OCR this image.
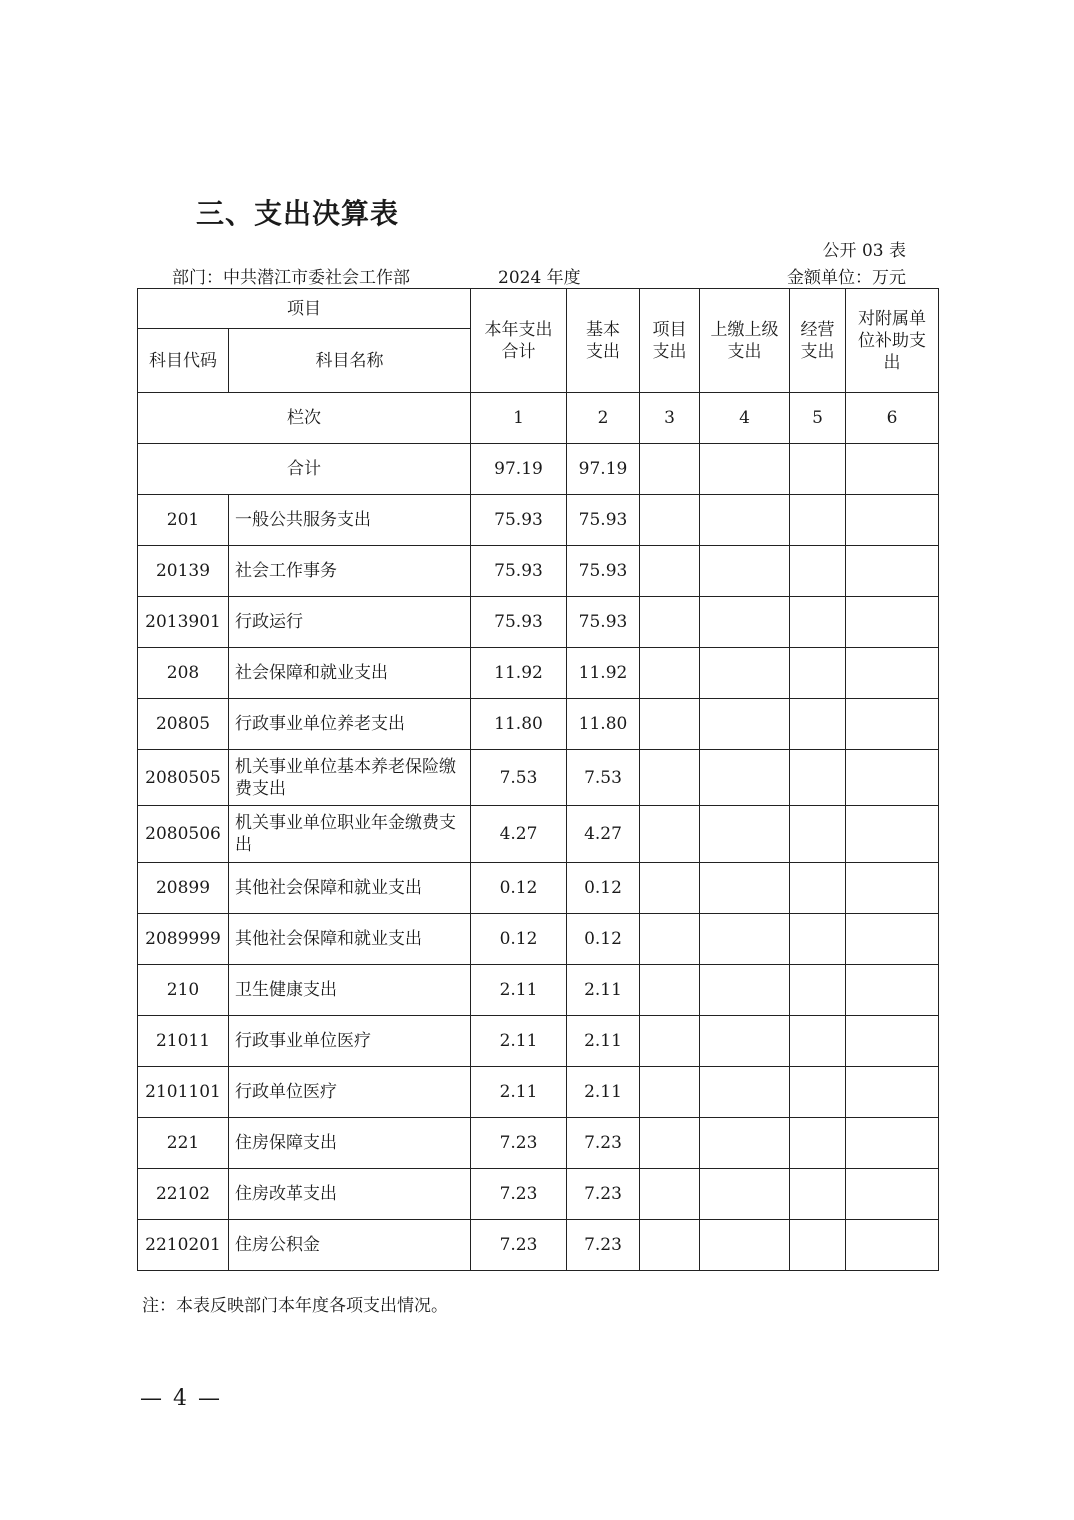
三、支出决算表
公开 03 表
部门：中共潜江市委社会工作部	2024 年度	金额单位：万元
项目		本年支出合计	基本支出	项目支出	上缴上级支出	经营支出	对附属单位补助支出
科目代码	科目名称						
栏次		1	2	3	4	5	6
合计		97.19	97.19				
201	一般公共服务支出	75.93	75.93				
20139	社会工作事务	75.93	75.93				
2013901	行政运行	75.93	75.93				
208	社会保障和就业支出	11.92	11.92				
20805	行政事业单位养老支出	11.80	11.80				
2080505	机关事业单位基本养老保险缴费支出	7.53	7.53				
2080506	机关事业单位职业年金缴费支出	4.27	4.27				
20899	其他社会保障和就业支出	0.12	0.12				
2089999	其他社会保障和就业支出	0.12	0.12				
210	卫生健康支出	2.11	2.11				
21011	行政事业单位医疗	2.11	2.11				
2101101	行政单位医疗	2.11	2.11				
221	住房保障支出	7.23	7.23				
22102	住房改革支出	7.23	7.23				
2210201	住房公积金	7.23	7.23				
注：本表反映部门本年度各项支出情况。
— 4 —
